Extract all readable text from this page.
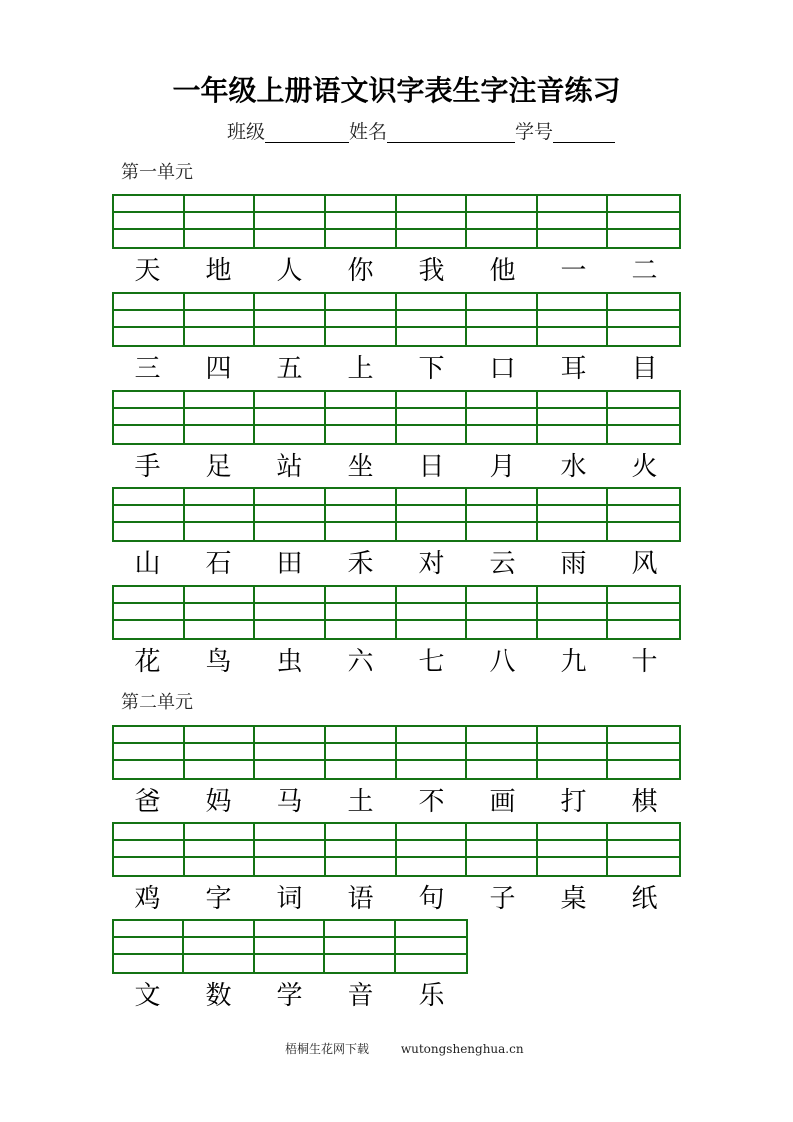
一年级上册语文识字表生字注音练习
班级	姓名	学号
第一单元
天	地	人	你	我	他	一	二
三	四	五	上	下	口	耳	目
手	足	站	坐	日	月	水	火
山	石	田	禾	对	云	雨	风
花	鸟	虫	六	七	八	九	十
第二单元
爸	妈	马	土	不	画	打	棋
鸡	字	词	语	句	子	桌	纸
文	数	学	音	乐
梧桐生花网下载	wutongshenghua.cn
